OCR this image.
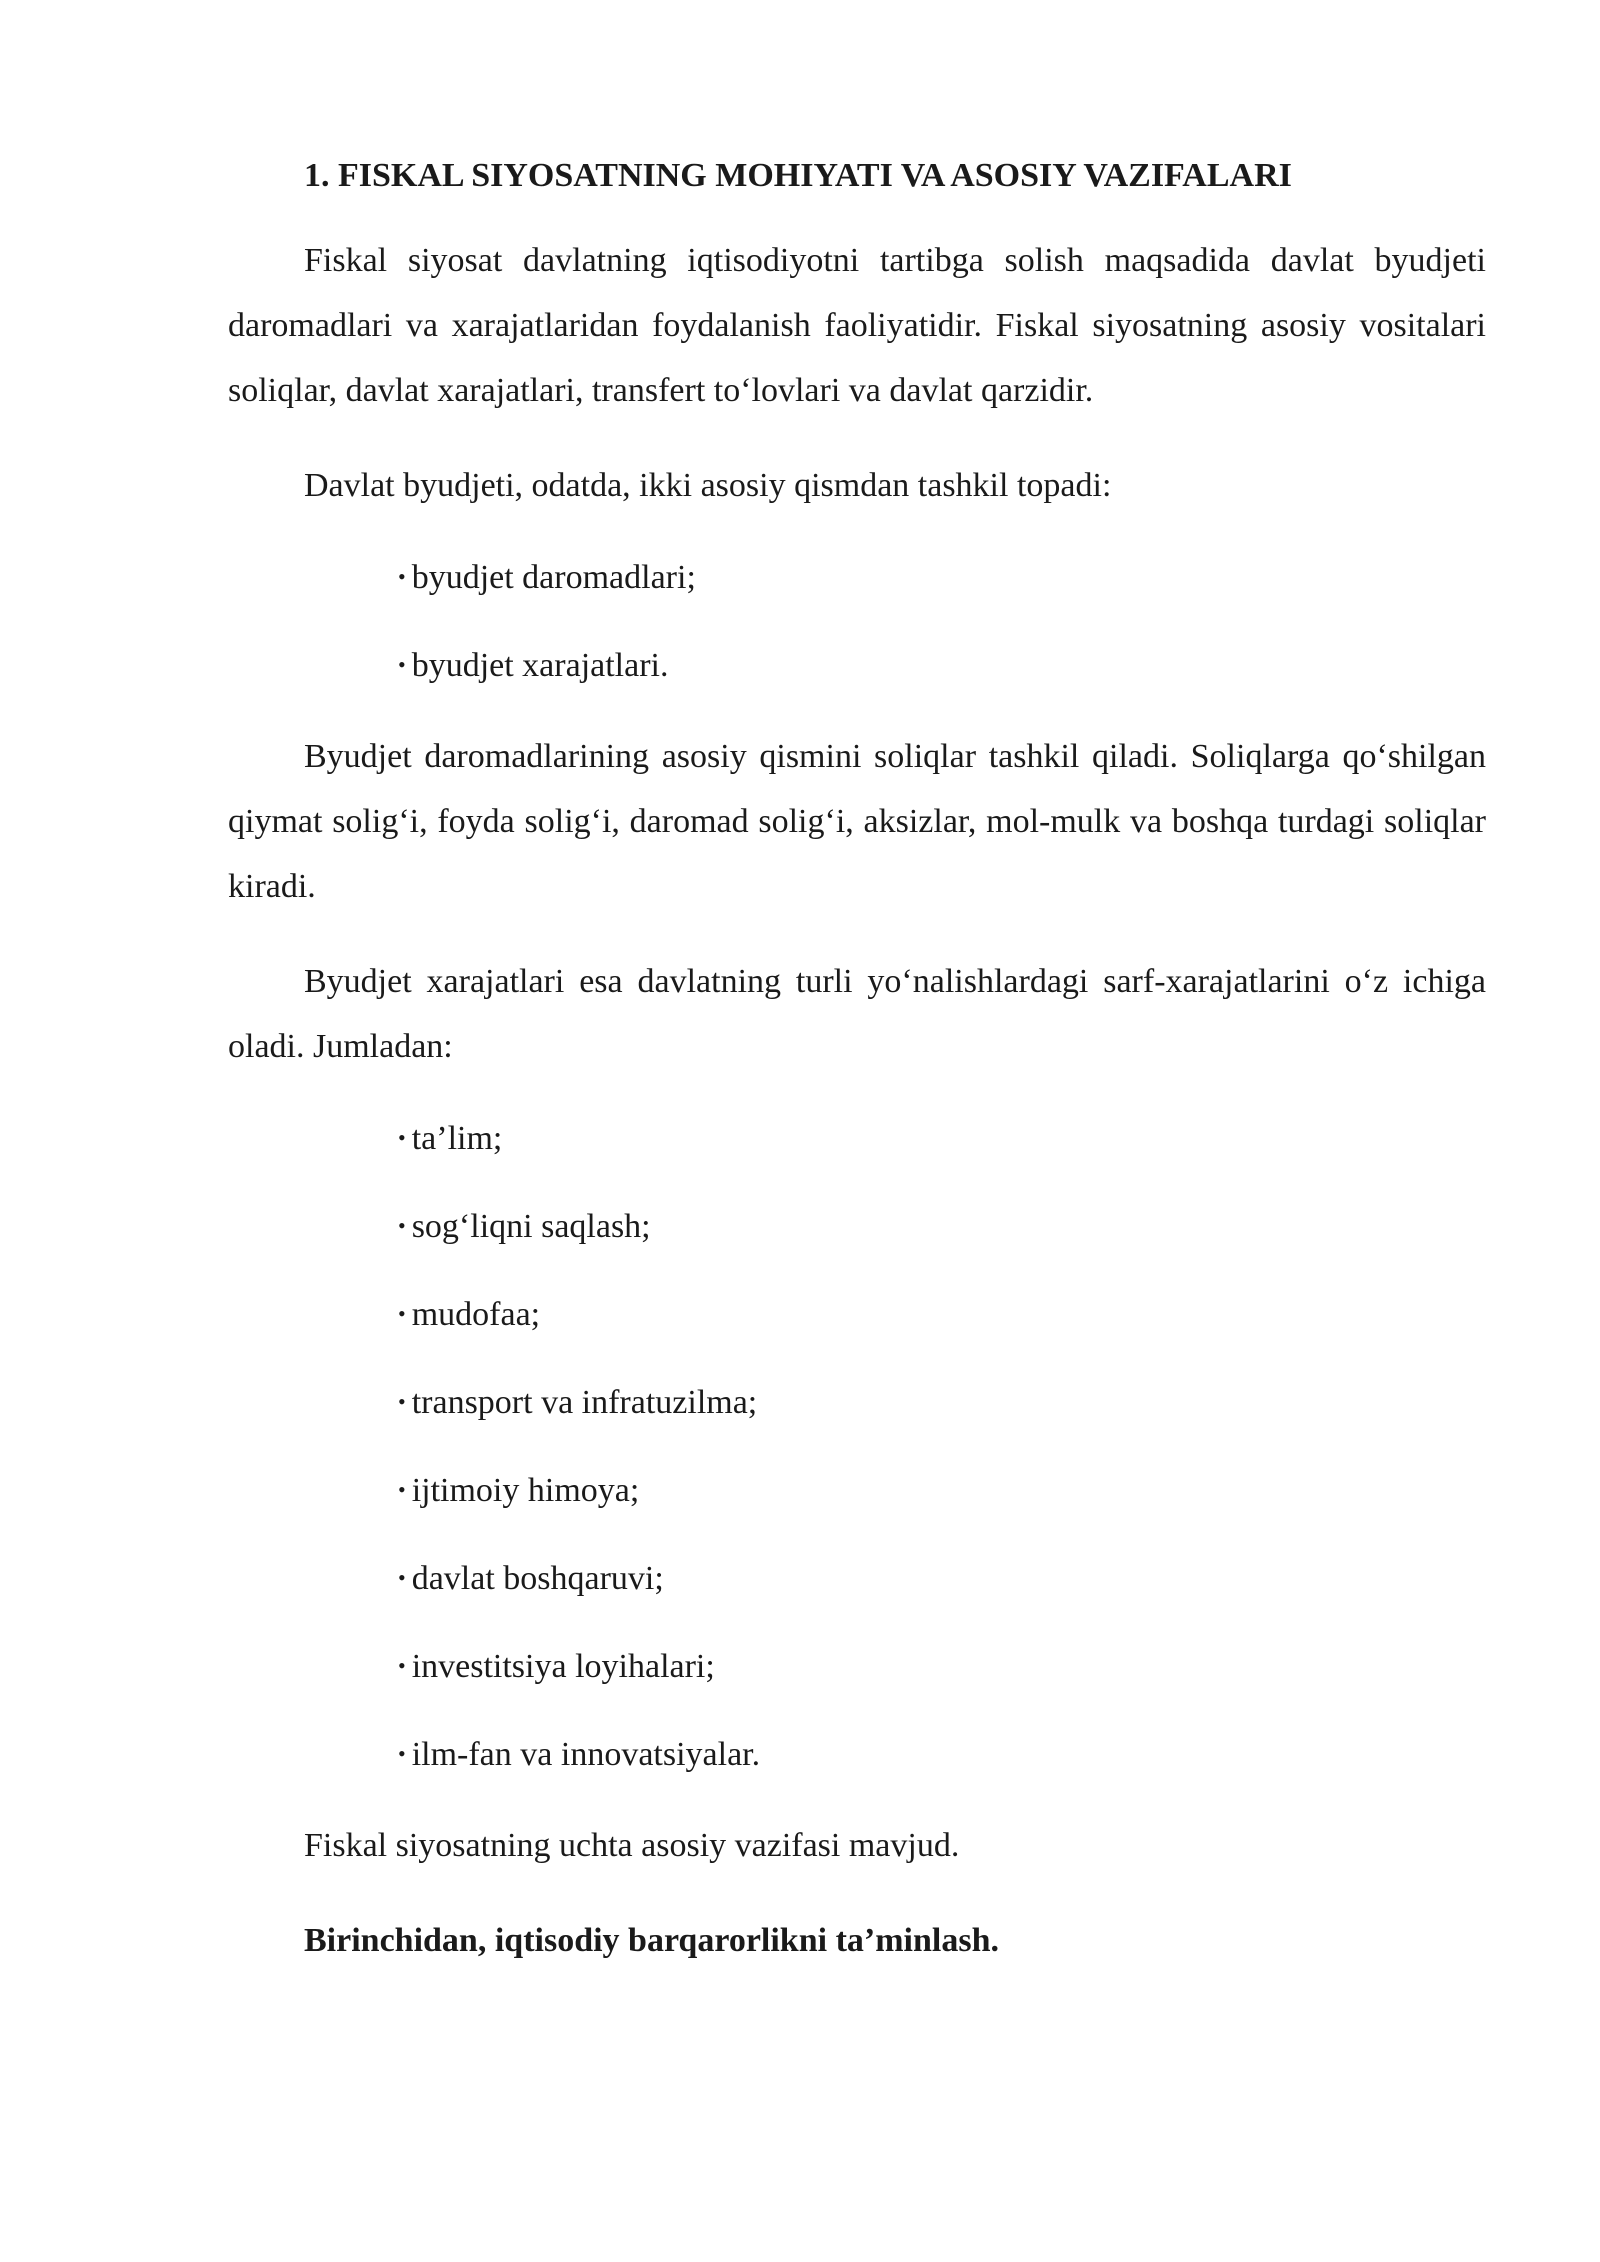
1. FISKAL SIYOSATNING MOHIYATI VA ASOSIY VAZIFALARI

Fiskal siyosat davlatning iqtisodiyotni tartibga solish maqsadida davlat byudjeti daromadlari va xarajatlaridan foydalanish faoliyatidir. Fiskal siyosatning asosiy vositalari soliqlar, davlat xarajatlari, transfert to‘lovlari va davlat qarzidir.

Davlat byudjeti, odatda, ikki asosiy qismdan tashkil topadi:

• byudjet daromadlari;
• byudjet xarajatlari.

Byudjet daromadlarining asosiy qismini soliqlar tashkil qiladi. Soliqlarga qo‘shilgan qiymat solig‘i, foyda solig‘i, daromad solig‘i, aksizlar, mol-mulk va boshqa turdagi soliqlar kiradi.

Byudjet xarajatlari esa davlatning turli yo‘nalishlardagi sarf-xarajatlarini o‘z ichiga oladi. Jumladan:

• ta’lim;
• sog‘liqni saqlash;
• mudofaa;
• transport va infratuzilma;
• ijtimoiy himoya;
• davlat boshqaruvi;
• investitsiya loyihalari;
• ilm-fan va innovatsiyalar.

Fiskal siyosatning uchta asosiy vazifasi mavjud.

Birinchidan, iqtisodiy barqarorlikni ta’minlash.
